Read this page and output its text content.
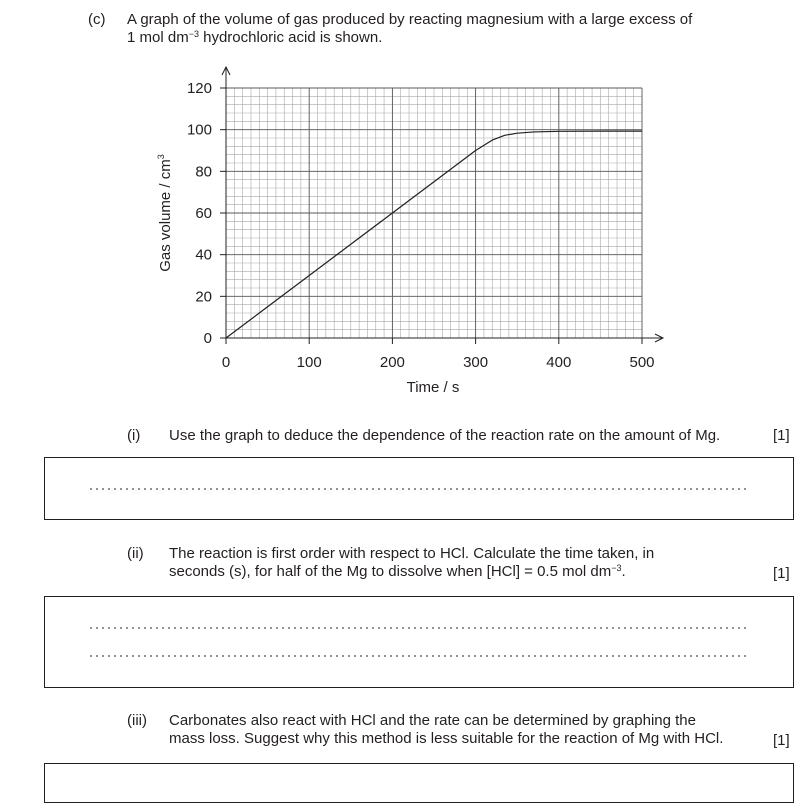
(c) A graph of the volume of gas produced by reacting magnesium with a large excess of
1 mol $dm^{-3}$ hydrochloric acid is shown.
0
20
40
60
80
100
120
0	100	200	300	400	500
Time / s
Gas volume / $cm^3$
(i) Use the graph to deduce the dependence of the reaction rate on the amount of Mg.	[1]
(ii) The reaction is first order with respect to HCl. Calculate the time taken, in
seconds (s), for half of the Mg to dissolve when [HCl] = 0.5 mol $dm^{-3}$.	[1]
(iii) Carbonates also react with HCl and the rate can be determined by graphing the
mass loss. Suggest why this method is less suitable for the reaction of Mg with HCl.	[1]
